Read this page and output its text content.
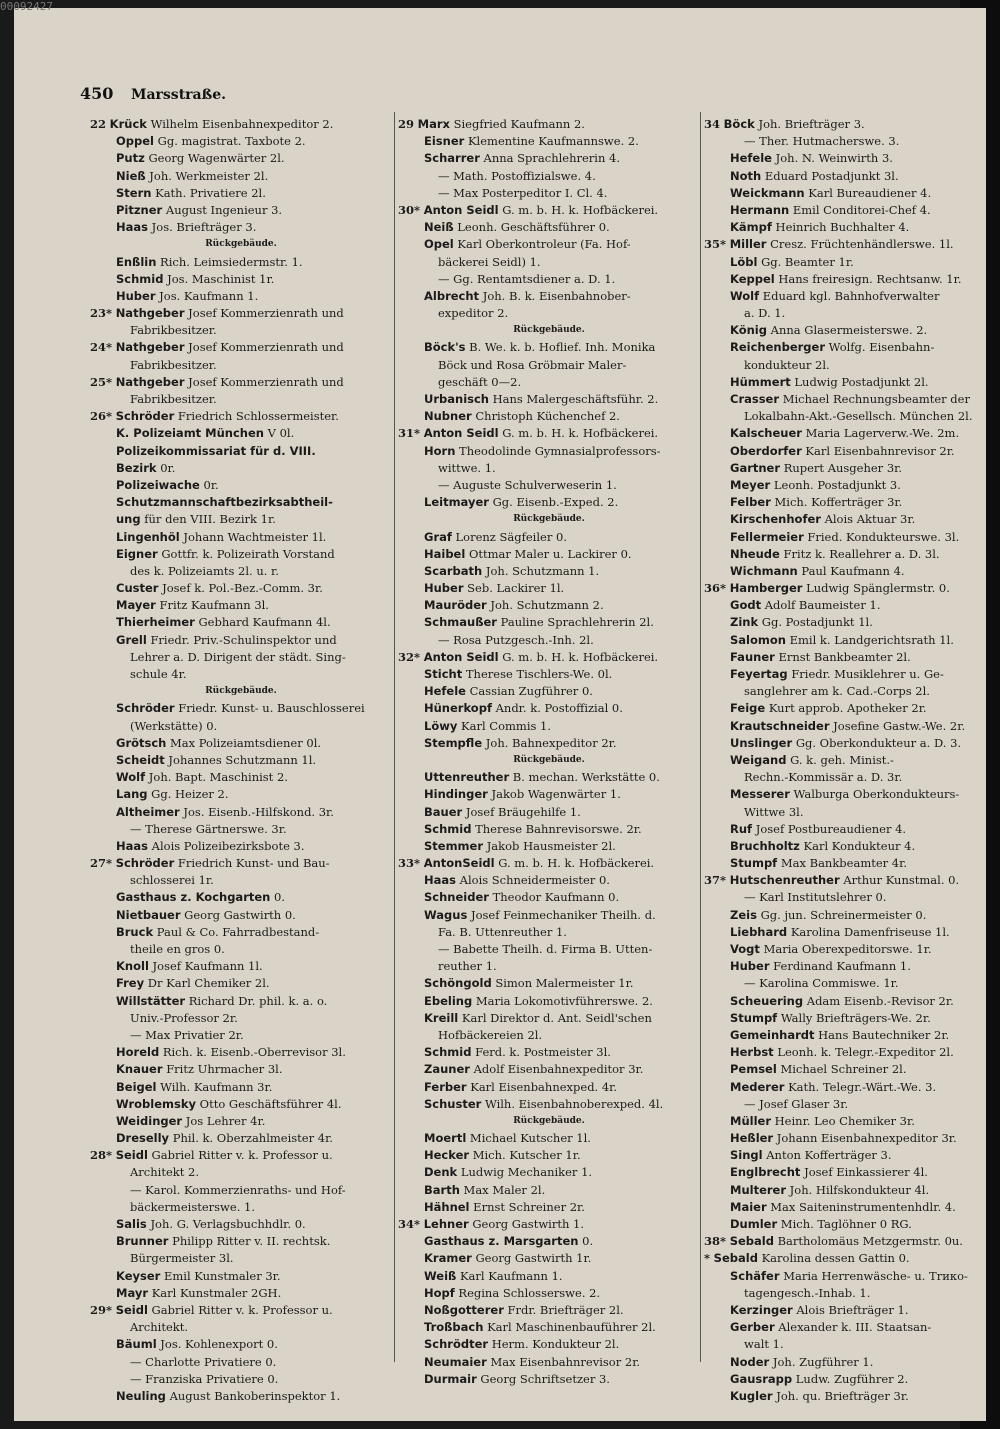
450 Marsstraße.
22 Krück Wilhelm Eisenbahnexpeditor 2.
Oppel Gg. magistrat. Taxbote 2.
Putz Georg Wagenwärter 2l.
Nieß Joh. Werkmeister 2l.
Stern Kath. Privatiere 2l.
Pitzner August Ingenieur 3.
Haas Jos. Briefträger 3.
Rückgebäude.
Enßlin Rich. Leimsiedermstr. 1.
Schmid Jos. Maschinist 1r.
Huber Jos. Kaufmann 1.
23* Nathgeber Josef Kommerzienrath und
Fabrikbesitzer.
24* Nathgeber Josef Kommerzienrath und
Fabrikbesitzer.
25* Nathgeber Josef Kommerzienrath und
Fabrikbesitzer.
26* Schröder Friedrich Schlossermeister.
K. Polizeiamt München V 0l.
Polizeikommissariat für d. VIII.
Bezirk 0r.
Polizeiwache 0r.
Schutzmannschaftbezirksabtheil-
ung für den VIII. Bezirk 1r.
Lingenhöl Johann Wachtmeister 1l.
Eigner Gottfr. k. Polizeirath Vorstand
des k. Polizeiamts 2l. u. r.
Custer Josef k. Pol.-Bez.-Comm. 3r.
Mayer Fritz Kaufmann 3l.
Thierheimer Gebhard Kaufmann 4l.
Grell Friedr. Priv.-Schulinspektor und
Lehrer a. D. Dirigent der städt. Sing-
schule 4r.
Rückgebäude.
Schröder Friedr. Kunst- u. Bauschlosserei
(Werkstätte) 0.
Grötsch Max Polizeiamtsdiener 0l.
Scheidt Johannes Schutzmann 1l.
Wolf Joh. Bapt. Maschinist 2.
Lang Gg. Heizer 2.
Altheimer Jos. Eisenb.-Hilfskond. 3r.
— Therese Gärtnerswe. 3r.
Haas Alois Polizeibezirksbote 3.
27* Schröder Friedrich Kunst- und Bau-
schlosserei 1r.
Gasthaus z. Kochgarten 0.
Nietbauer Georg Gastwirth 0.
Bruck Paul & Co. Fahrradbestand-
theile en gros 0.
Knoll Josef Kaufmann 1l.
Frey Dr Karl Chemiker 2l.
Willstätter Richard Dr. phil. k. a. o.
Univ.-Professor 2r.
— Max Privatier 2r.
Horeld Rich. k. Eisenb.-Oberrevisor 3l.
Knauer Fritz Uhrmacher 3l.
Beigel Wilh. Kaufmann 3r.
Wroblemsky Otto Geschäftsführer 4l.
Weidinger Jos Lehrer 4r.
Dreselly Phil. k. Oberzahlmeister 4r.
28* Seidl Gabriel Ritter v. k. Professor u.
Architekt 2.
— Karol. Kommerzienraths- und Hof-
bäckermeisterswe. 1.
Salis Joh. G. Verlagsbuchhdlr. 0.
Brunner Philipp Ritter v. II. rechtsk.
Bürgermeister 3l.
Keyser Emil Kunstmaler 3r.
Mayr Karl Kunstmaler 2GH.
29* Seidl Gabriel Ritter v. k. Professor u.
Architekt.
Bäuml Jos. Kohlenexport 0.
— Charlotte Privatiere 0.
— Franziska Privatiere 0.
Neuling August Bankoberinspektor 1.
29 Marx Siegfried Kaufmann 2.
Eisner Klementine Kaufmannswe. 2.
Scharrer Anna Sprachlehrerin 4.
— Math. Postoffizialswe. 4.
— Max Posterpeditor I. Cl. 4.
30* Anton Seidl G. m. b. H. k. Hofbäckerei.
Neiß Leonh. Geschäftsführer 0.
Opel Karl Oberkontroleur (Fa. Hof-
bäckerei Seidl) 1.
— Gg. Rentamtsdiener a. D. 1.
Albrecht Joh. B. k. Eisenbahnober-
expeditor 2.
Rückgebäude.
Böck's B. We. k. b. Hoflief. Inh. Monika
Böck und Rosa Gröbmair Maler-
geschäft 0—2.
Urbanisch Hans Malergeschäftsführ. 2.
Nubner Christoph Küchenchef 2.
31* Anton Seidl G. m. b. H. k. Hofbäckerei.
Horn Theodolinde Gymnasialprofessors-
wittwe. 1.
— Auguste Schulverweserin 1.
Leitmayer Gg. Eisenb.-Exped. 2.
Rückgebäude.
Graf Lorenz Sägfeiler 0.
Haibel Ottmar Maler u. Lackirer 0.
Scarbath Joh. Schutzmann 1.
Huber Seb. Lackirer 1l.
Mauröder Joh. Schutzmann 2.
Schmaußer Pauline Sprachlehrerin 2l.
— Rosa Putzgesch.-Inh. 2l.
32* Anton Seidl G. m. b. H. k. Hofbäckerei.
Sticht Therese Tischlers-We. 0l.
Hefele Cassian Zugführer 0.
Hünerkopf Andr. k. Postoffizial 0.
Löwy Karl Commis 1.
Stempfle Joh. Bahnexpeditor 2r.
Rückgebäude.
Uttenreuther B. mechan. Werkstätte 0.
Hindinger Jakob Wagenwärter 1.
Bauer Josef Bräugehilfe 1.
Schmid Therese Bahnrevisorswe. 2r.
Stemmer Jakob Hausmeister 2l.
33* AntonSeidl G. m. b. H. k. Hofbäckerei.
Haas Alois Schneidermeister 0.
Schneider Theodor Kaufmann 0.
Wagus Josef Feinmechaniker Theilh. d.
Fa. B. Uttenreuther 1.
— Babette Theilh. d. Firma B. Utten-
reuther 1.
Schöngold Simon Malermeister 1r.
Ebeling Maria Lokomotivführerswe. 2.
Kreill Karl Direktor d. Ant. Seidl'schen
Hofbäckereien 2l.
Schmid Ferd. k. Postmeister 3l.
Zauner Adolf Eisenbahnexpeditor 3r.
Ferber Karl Eisenbahnexped. 4r.
Schuster Wilh. Eisenbahnoberexped. 4l.
Rückgebäude.
Moertl Michael Kutscher 1l.
Hecker Mich. Kutscher 1r.
Denk Ludwig Mechaniker 1.
Barth Max Maler 2l.
Hähnel Ernst Schreiner 2r.
34* Lehner Georg Gastwirth 1.
Gasthaus z. Marsgarten 0.
Kramer Georg Gastwirth 1r.
Weiß Karl Kaufmann 1.
Hopf Regina Schlosserswe. 2.
Noßgotterer Frdr. Briefträger 2l.
Troßbach Karl Maschinenbauführer 2l.
Schrödter Herm. Kondukteur 2l.
Neumaier Max Eisenbahnrevisor 2r.
Durmair Georg Schriftsetzer 3.
34 Böck Joh. Briefträger 3.
— Ther. Hutmacherswe. 3.
Hefele Joh. N. Weinwirth 3.
Noth Eduard Postadjunkt 3l.
Weickmann Karl Bureaudiener 4.
Hermann Emil Conditorei-Chef 4.
Kämpf Heinrich Buchhalter 4.
35* Miller Cresz. Früchtenhändlerswe. 1l.
Löbl Gg. Beamter 1r.
Keppel Hans freiresign. Rechtsanw. 1r.
Wolf Eduard kgl. Bahnhofverwalter
a. D. 1.
König Anna Glasermeisterswe. 2.
Reichenberger Wolfg. Eisenbahn-
kondukteur 2l.
Hümmert Ludwig Postadjunkt 2l.
Crasser Michael Rechnungsbeamter der
Lokalbahn-Akt.-Gesellsch. München 2l.
Kalscheuer Maria Lagerverw.-We. 2m.
Oberdorfer Karl Eisenbahnrevisor 2r.
Gartner Rupert Ausgeher 3r.
Meyer Leonh. Postadjunkt 3.
Felber Mich. Kofferträger 3r.
Kirschenhofer Alois Aktuar 3r.
Fellermeier Fried. Kondukteurswe. 3l.
Nheude Fritz k. Reallehrer a. D. 3l.
Wichmann Paul Kaufmann 4.
36* Hamberger Ludwig Spänglermstr. 0.
Godt Adolf Baumeister 1.
Zink Gg. Postadjunkt 1l.
Salomon Emil k. Landgerichtsrath 1l.
Fauner Ernst Bankbeamter 2l.
Feyertag Friedr. Musiklehrer u. Ge-
sanglehrer am k. Cad.-Corps 2l.
Feige Kurt approb. Apotheker 2r.
Krautschneider Josefine Gastw.-We. 2r.
Unslinger Gg. Oberkondukteur a. D. 3.
Weigand G. k. geh. Minist.-
Rechn.-Kommissär a. D. 3r.
Messerer Walburga Oberkondukteurs-
Wittwe 3l.
Ruf Josef Postbureaudiener 4.
Bruchholtz Karl Kondukteur 4.
Stumpf Max Bankbeamter 4r.
37* Hutschenreuther Arthur Kunstmal. 0.
— Karl Institutslehrer 0.
Zeis Gg. jun. Schreinermeister 0.
Liebhard Karolina Damenfriseuse 1l.
Vogt Maria Oberexpeditorswe. 1r.
Huber Ferdinand Kaufmann 1.
— Karolina Commiswe. 1r.
Scheuering Adam Eisenb.-Revisor 2r.
Stumpf Wally Briefträgers-We. 2r.
Gemeinhardt Hans Bautechniker 2r.
Herbst Leonh. k. Telegr.-Expeditor 2l.
Pemsel Michael Schreiner 2l.
Mederer Kath. Telegr.-Wärt.-We. 3.
— Josef Glaser 3r.
Müller Heinr. Leo Chemiker 3r.
Heßler Johann Eisenbahnexpeditor 3r.
Singl Anton Kofferträger 3.
Englbrecht Josef Einkassierer 4l.
Multerer Joh. Hilfskondukteur 4l.
Maier Max Saiteninstrumentenhdlr. 4.
Dumler Mich. Taglöhner 0 RG.
38* Sebald Bartholomäus Metzgermstr. 0u.
* Sebald Karolina dessen Gattin 0.
Schäfer Maria Herrenwäsche- u. Trико-
tagengesch.-Inhab. 1.
Kerzinger Alois Briefträger 1.
Gerber Alexander k. III. Staatsan-
walt 1.
Noder Joh. Zugführer 1.
Gausrapp Ludw. Zugführer 2.
Kugler Joh. qu. Briefträger 3r.
00092427
